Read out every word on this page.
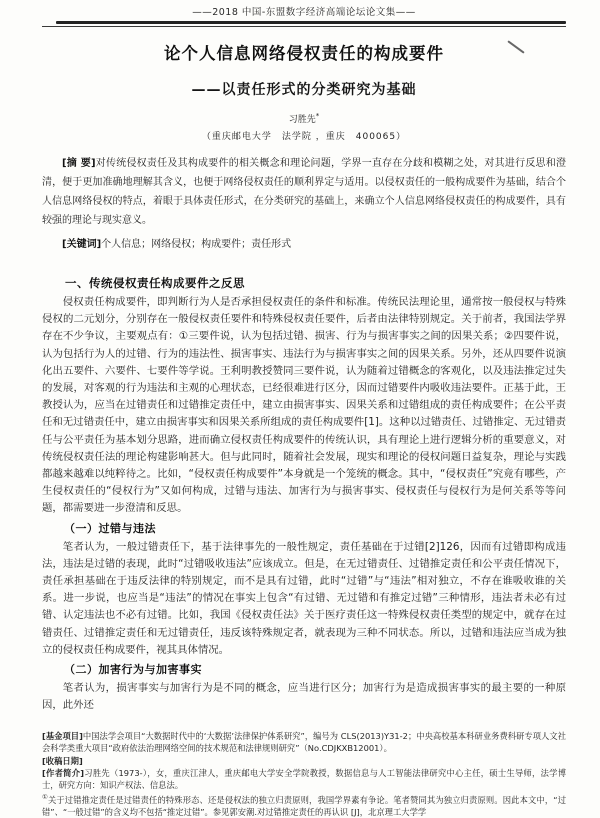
——2018 中国-东盟数字经济高端论坛论文集——
论个人信息网络侵权责任的构成要件
——以责任形式的分类研究为基础
习胜先*
（重庆邮电大学　法学院 ，重庆　400065）

[摘 要]对传统侵权责任及其构成要件的相关概念和理论问题，学界一直存在分歧和模糊之处，对其进行反思和澄清，便于更加准确地理解其含义，也便于网络侵权责任的顺利界定与适用。以侵权责任的一般构成要件为基础，结合个人信息网络侵权的特点，着眼于具体责任形式，在分类研究的基础上，来确立个人信息网络侵权责任的构成要件，具有较强的理论与现实意义。

[关键词]个人信息；网络侵权；构成要件；责任形式

一、传统侵权责任构成要件之反思

侵权责任构成要件，即判断行为人是否承担侵权责任的条件和标准。传统民法理论里，通常按一般侵权与特殊侵权的二元划分，分别存在一般侵权责任要件和特殊侵权责任要件，后者由法律特别规定。关于前者，我国法学界存在不少争议，主要观点有：①三要件说，认为包括过错、损害、行为与损害事实之间的因果关系；②四要件说，认为包括行为人的过错、行为的违法性、损害事实、违法行为与损害事实之间的因果关系。另外，还从四要件说演化出五要件、六要件、七要件等学说。王利明教授赞同三要件说，认为随着过错概念的客观化，以及违法推定过失的发展，对客观的行为违法和主观的心理状态，已经很难进行区分，因而过错要件内吸收违法要件。正基于此，王教授认为，应当在过错责任和过错推定责任中，建立由损害事实、因果关系和过错组成的责任构成要件；在公平责任和无过错责任中，建立由损害事实和因果关系所组成的责任构成要件[1]。这种以过错责任、过错推定、无过错责任与公平责任为基本划分思路，进而确立侵权责任构成要件的传统认识，具有理论上进行逻辑分析的重要意义，对传统侵权责任法的理论构建影响甚大。但与此同时，随着社会发展，现实和理论的侵权问题日益复杂，理论与实践都越来越难以纯粹待之。比如，“侵权责任构成要件”本身就是一个笼统的概念。其中，“侵权责任”究竟有哪些，产生侵权责任的“侵权行为”又如何构成，过错与违法、加害行为与损害事实、侵权责任与侵权行为是何关系等等问题，都需要进一步澄清和反思。

（一）过错与违法

笔者认为，一般过错责任下，基于法律事先的一般性规定，责任基础在于过错[2]126，因而有过错即构成违法，违法是过错的表现，此时“过错吸收违法”应该成立。但是，在无过错责任、过错推定责任和公平责任情况下，责任承担基础在于违反法律的特别规定，而不是具有过错，此时“过错”与“违法”相对独立，不存在谁吸收谁的关系。进一步说，也应当是“违法”的情况在事实上包含“有过错、无过错和有推定过错”三种情形，违法者未必有过错、认定违法也不必有过错。比如，我国《侵权责任法》关于医疗责任这一特殊侵权责任类型的规定中，就存在过错责任、过错推定责任和无过错责任，违反该特殊规定者，就表现为三种不同状态。所以，过错和违法应当成为独立的侵权责任构成要件，视其具体情况。

（二）加害行为与加害事实

笔者认为，损害事实与加害行为是不同的概念，应当进行区分；加害行为是造成损害事实的最主要的一种原因，此外还

[基金项目]中国法学会项目“大数据时代中的‘大数据’法律保护体系研究”，编号为 CLS(2013)Y31-2；中央高校基本科研业务费科研专项人文社会科学类重大项目“政府依法治理网络空间的技术规范和法律规则研究”（No.CDJKXB12001）。

[收稿日期]

[作者简介]习胜先（1973-），女，重庆江津人，重庆邮电大学安全学院教授，数据信息与人工智能法律研究中心主任，硕士生导师，法学博士，研究方向：知识产权法、信息法。

①关于过错推定责任是过错责任的特殊形态、还是侵权法的独立归责原则，我国学界素有争论。笔者赞同其为独立归责原则。因此本文中，“过错”、“一般过错”的含义均不包括“推定过错”。参见郭安潮.对过错推定责任的再认识 [J]，北京理工大学学
